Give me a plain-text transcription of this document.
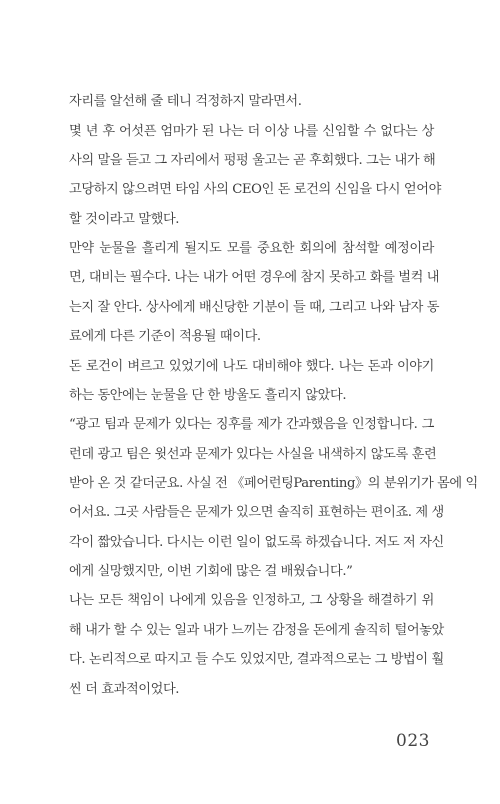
자리를 알선해 줄 테니 걱정하지 말라면서.
몇 년 후 어섯픈 엄마가 된 나는 더 이상 나를 신임할 수 없다는 상
사의 말을 듣고 그 자리에서 펑펑 울고는 곧 후회했다. 그는 내가 해
고당하지 않으려면 타임 사의 CEO인 돈 로건의 신임을 다시 얻어야
할 것이라고 말했다.
만약 눈물을 흘리게 될지도 모를 중요한 회의에 참석할 예정이라
면, 대비는 필수다. 나는 내가 어떤 경우에 참지 못하고 화를 벌컥 내
는지 잘 안다. 상사에게 배신당한 기분이 들 때, 그리고 나와 남자 동
료에게 다른 기준이 적용될 때이다.
돈 로건이 벼르고 있었기에 나도 대비해야 했다. 나는 돈과 이야기
하는 동안에는 눈물을 단 한 방울도 흘리지 않았다.
“광고 팀과 문제가 있다는 징후를 제가 간과했음을 인정합니다. 그
런데 광고 팀은 윗선과 문제가 있다는 사실을 내색하지 않도록 훈련
받아 온 것 같더군요. 사실 전 《페어런팅Parenting》의 분위기가 몸에 익
어서요. 그곳 사람들은 문제가 있으면 솔직히 표현하는 편이죠. 제 생
각이 짧았습니다. 다시는 이런 일이 없도록 하겠습니다. 저도 저 자신
에게 실망했지만, 이번 기회에 많은 걸 배웠습니다.”
나는 모든 책임이 나에게 있음을 인정하고, 그 상황을 해결하기 위
해 내가 할 수 있는 일과 내가 느끼는 감정을 돈에게 솔직히 털어놓았
다. 논리적으로 따지고 들 수도 있었지만, 결과적으로는 그 방법이 훨
씬 더 효과적이었다.
023
